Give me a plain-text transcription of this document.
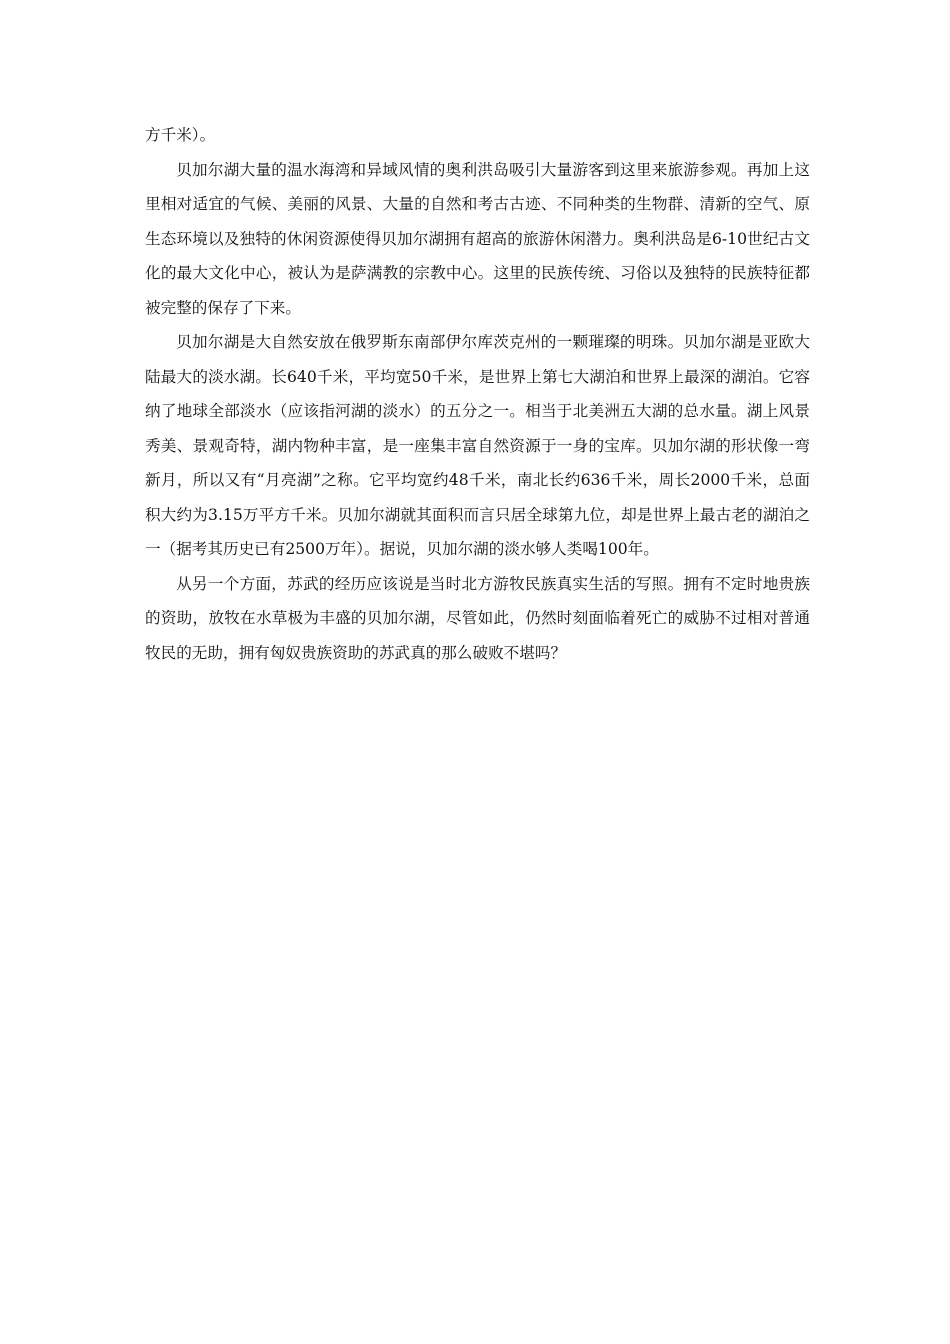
方千米）。

贝加尔湖大量的温水海湾和异域风情的奥利洪岛吸引大量游客到这里来旅游参观。再加上这里相对适宜的气候、美丽的风景、大量的自然和考古古迹、不同种类的生物群、清新的空气、原生态环境以及独特的休闲资源使得贝加尔湖拥有超高的旅游休闲潜力。奥利洪岛是6-10世纪古文化的最大文化中心，被认为是萨满教的宗教中心。这里的民族传统、习俗以及独特的民族特征都被完整的保存了下来。

贝加尔湖是大自然安放在俄罗斯东南部伊尔库茨克州的一颗璀璨的明珠。贝加尔湖是亚欧大陆最大的淡水湖。长640千米，平均宽50千米，是世界上第七大湖泊和世界上最深的湖泊。它容纳了地球全部淡水（应该指河湖的淡水）的五分之一。相当于北美洲五大湖的总水量。湖上风景秀美、景观奇特，湖内物种丰富，是一座集丰富自然资源于一身的宝库。贝加尔湖的形状像一弯新月，所以又有“月亮湖”之称。它平均宽约48千米，南北长约636千米，周长2000千米，总面积大约为3.15万平方千米。贝加尔湖就其面积而言只居全球第九位，却是世界上最古老的湖泊之一（据考其历史已有2500万年）。据说，贝加尔湖的淡水够人类喝100年。

从另一个方面，苏武的经历应该说是当时北方游牧民族真实生活的写照。拥有不定时地贵族的资助，放牧在水草极为丰盛的贝加尔湖，尽管如此，仍然时刻面临着死亡的威胁不过相对普通牧民的无助，拥有匈奴贵族资助的苏武真的那么破败不堪吗？
